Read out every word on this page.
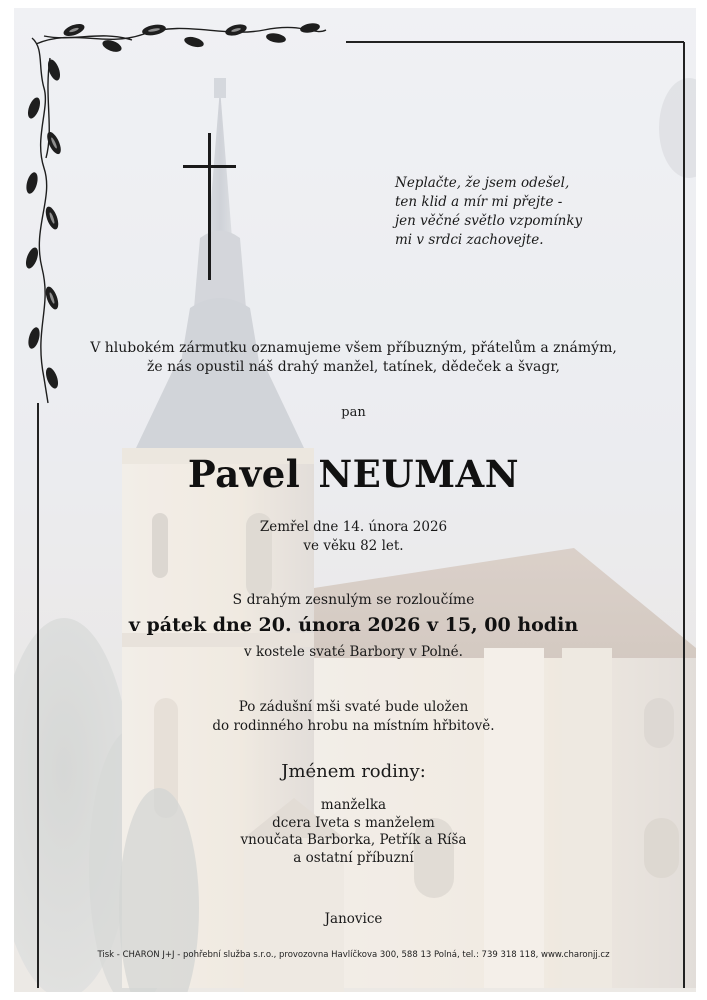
Neplačte, že jsem odešel,
ten klid a mír mi přejte -
jen věčné světlo vzpomínky
mi v srdci zachovejte.
V hlubokém zármutku oznamujeme všem příbuzným, přátelům a známým,
že nás opustil náš drahý manžel, tatínek, dědeček a švagr,
pan
Pavel NEUMAN
Zemřel dne 14. února 2026
ve věku 82 let.
S drahým zesnulým se rozloučíme
v pátek dne 20. února 2026 v 15, 00 hodin
v kostele svaté Barbory v Polné.
Po zádušní mši svaté bude uložen
do rodinného hrobu na místním hřbitově.
Jménem rodiny:
manželka
dcera Iveta s manželem
vnoučata Barborka, Petřík a Ríša
a ostatní příbuzní
Janovice
Tisk - CHARON J+J - pohřební služba s.r.o., provozovna Havlíčkova 300, 588 13 Polná, tel.: 739 318 118, www.charonjj.cz
